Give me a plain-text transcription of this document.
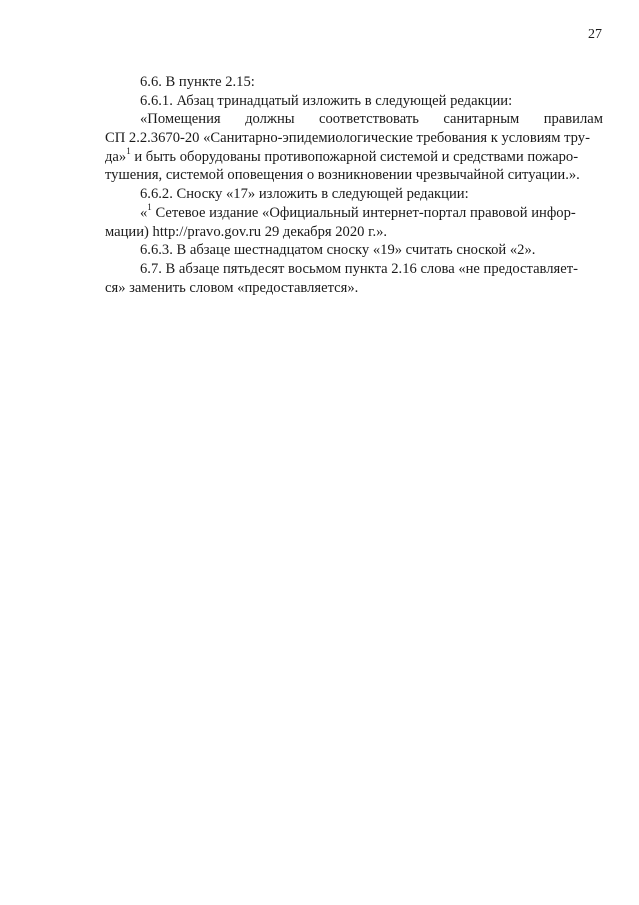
27
6.6. В пункте 2.15:
6.6.1. Абзац тринадцатый изложить в следующей редакции:
«Помещения должны соответствовать санитарным правилам
СП 2.2.3670-20 «Санитарно-эпидемиологические требования к условиям тру-
да»$^1$ и быть оборудованы противопожарной системой и средствами пожаро-
тушения, системой оповещения о возникновении чрезвычайной ситуации.».
6.6.2. Сноску «17» изложить в следующей редакции:
«$^1$ Сетевое издание «Официальный интернет-портал правовой инфор-
мации) http://pravo.gov.ru 29 декабря 2020 г.».
6.6.3. В абзаце шестнадцатом сноску «19» считать сноской «2».
6.7. В абзаце пятьдесят восьмом пункта 2.16 слова «не предоставляет-
ся» заменить словом «предоставляется».
